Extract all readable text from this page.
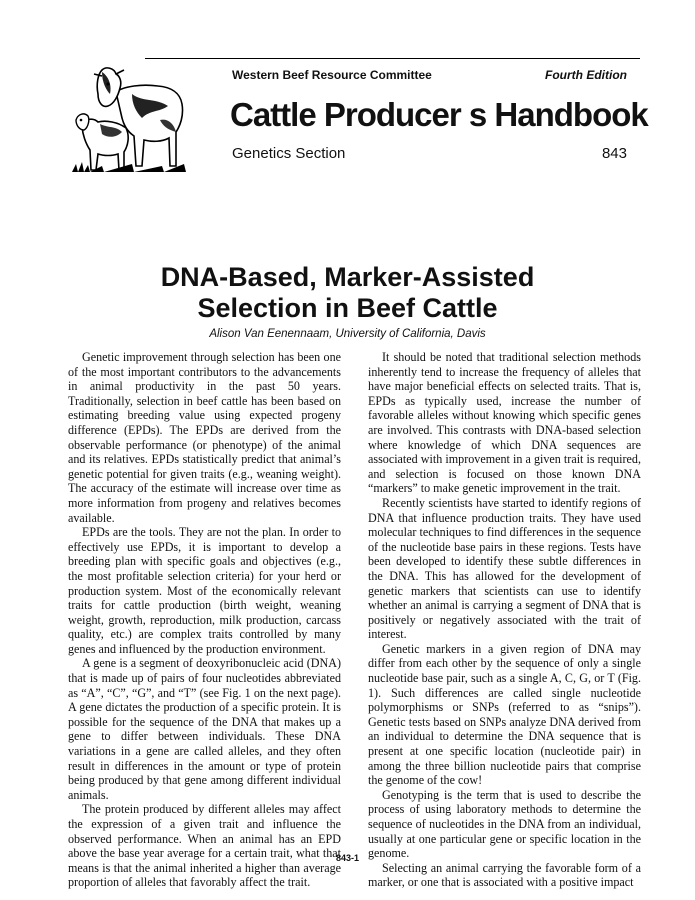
Western Beef Resource Committee	Fourth Edition
Cattle Producer s Handbook
Genetics Section	843
DNA-Based, Marker-Assisted
Selection in Beef Cattle
Alison Van Eenennaam, University of California, Davis

Genetic improvement through selection has been one of the most important contributors to the advancements in animal productivity in the past 50 years. Traditionally, selection in beef cattle has been based on estimating breeding value using expected progeny difference (EPDs). The EPDs are derived from the observable performance (or phenotype) of the animal and its relatives. EPDs statistically predict that animal’s genetic potential for given traits (e.g., weaning weight). The accuracy of the estimate will increase over time as more information from progeny and relatives becomes available.

EPDs are the tools. They are not the plan. In order to effectively use EPDs, it is important to develop a breeding plan with specific goals and objectives (e.g., the most profitable selection criteria) for your herd or production system. Most of the economically relevant traits for cattle production (birth weight, weaning weight, growth, reproduction, milk production, carcass quality, etc.) are complex traits controlled by many genes and influenced by the production environment.

A gene is a segment of deoxyribonucleic acid (DNA) that is made up of pairs of four nucleotides abbreviated as “A”, “C”, “G”, and “T” (see Fig. 1 on the next page). A gene dictates the production of a specific protein. It is possible for the sequence of the DNA that makes up a gene to differ between individuals. These DNA variations in a gene are called alleles, and they often result in differences in the amount or type of protein being produced by that gene among different individual animals.

The protein produced by different alleles may affect the expression of a given trait and influence the observed performance. When an animal has an EPD above the base year average for a certain trait, what that means is that the animal inherited a higher than average proportion of alleles that favorably affect the trait.

It should be noted that traditional selection methods inherently tend to increase the frequency of alleles that have major beneficial effects on selected traits. That is, EPDs as typically used, increase the number of favorable alleles without knowing which specific genes are involved. This contrasts with DNA-based selection where knowledge of which DNA sequences are associated with improvement in a given trait is required, and selection is focused on those known DNA “markers” to make genetic improvement in the trait.

Recently scientists have started to identify regions of DNA that influence production traits. They have used molecular techniques to find differences in the sequence of the nucleotide base pairs in these regions. Tests have been developed to identify these subtle differences in the DNA. This has allowed for the development of genetic markers that scientists can use to identify whether an animal is carrying a segment of DNA that is positively or negatively associated with the trait of interest.

Genetic markers in a given region of DNA may differ from each other by the sequence of only a single nucleotide base pair, such as a single A, C, G, or T (Fig. 1). Such differences are called single nucleotide polymorphisms or SNPs (referred to as “snips”). Genetic tests based on SNPs analyze DNA derived from an individual to determine the DNA sequence that is present at one specific location (nucleotide pair) in among the three billion nucleotide pairs that comprise the genome of the cow!

Genotyping is the term that is used to describe the process of using laboratory methods to determine the sequence of nucleotides in the DNA from an individual, usually at one particular gene or specific location in the genome.

Selecting an animal carrying the favorable form of a marker, or one that is associated with a positive impact

843-1
